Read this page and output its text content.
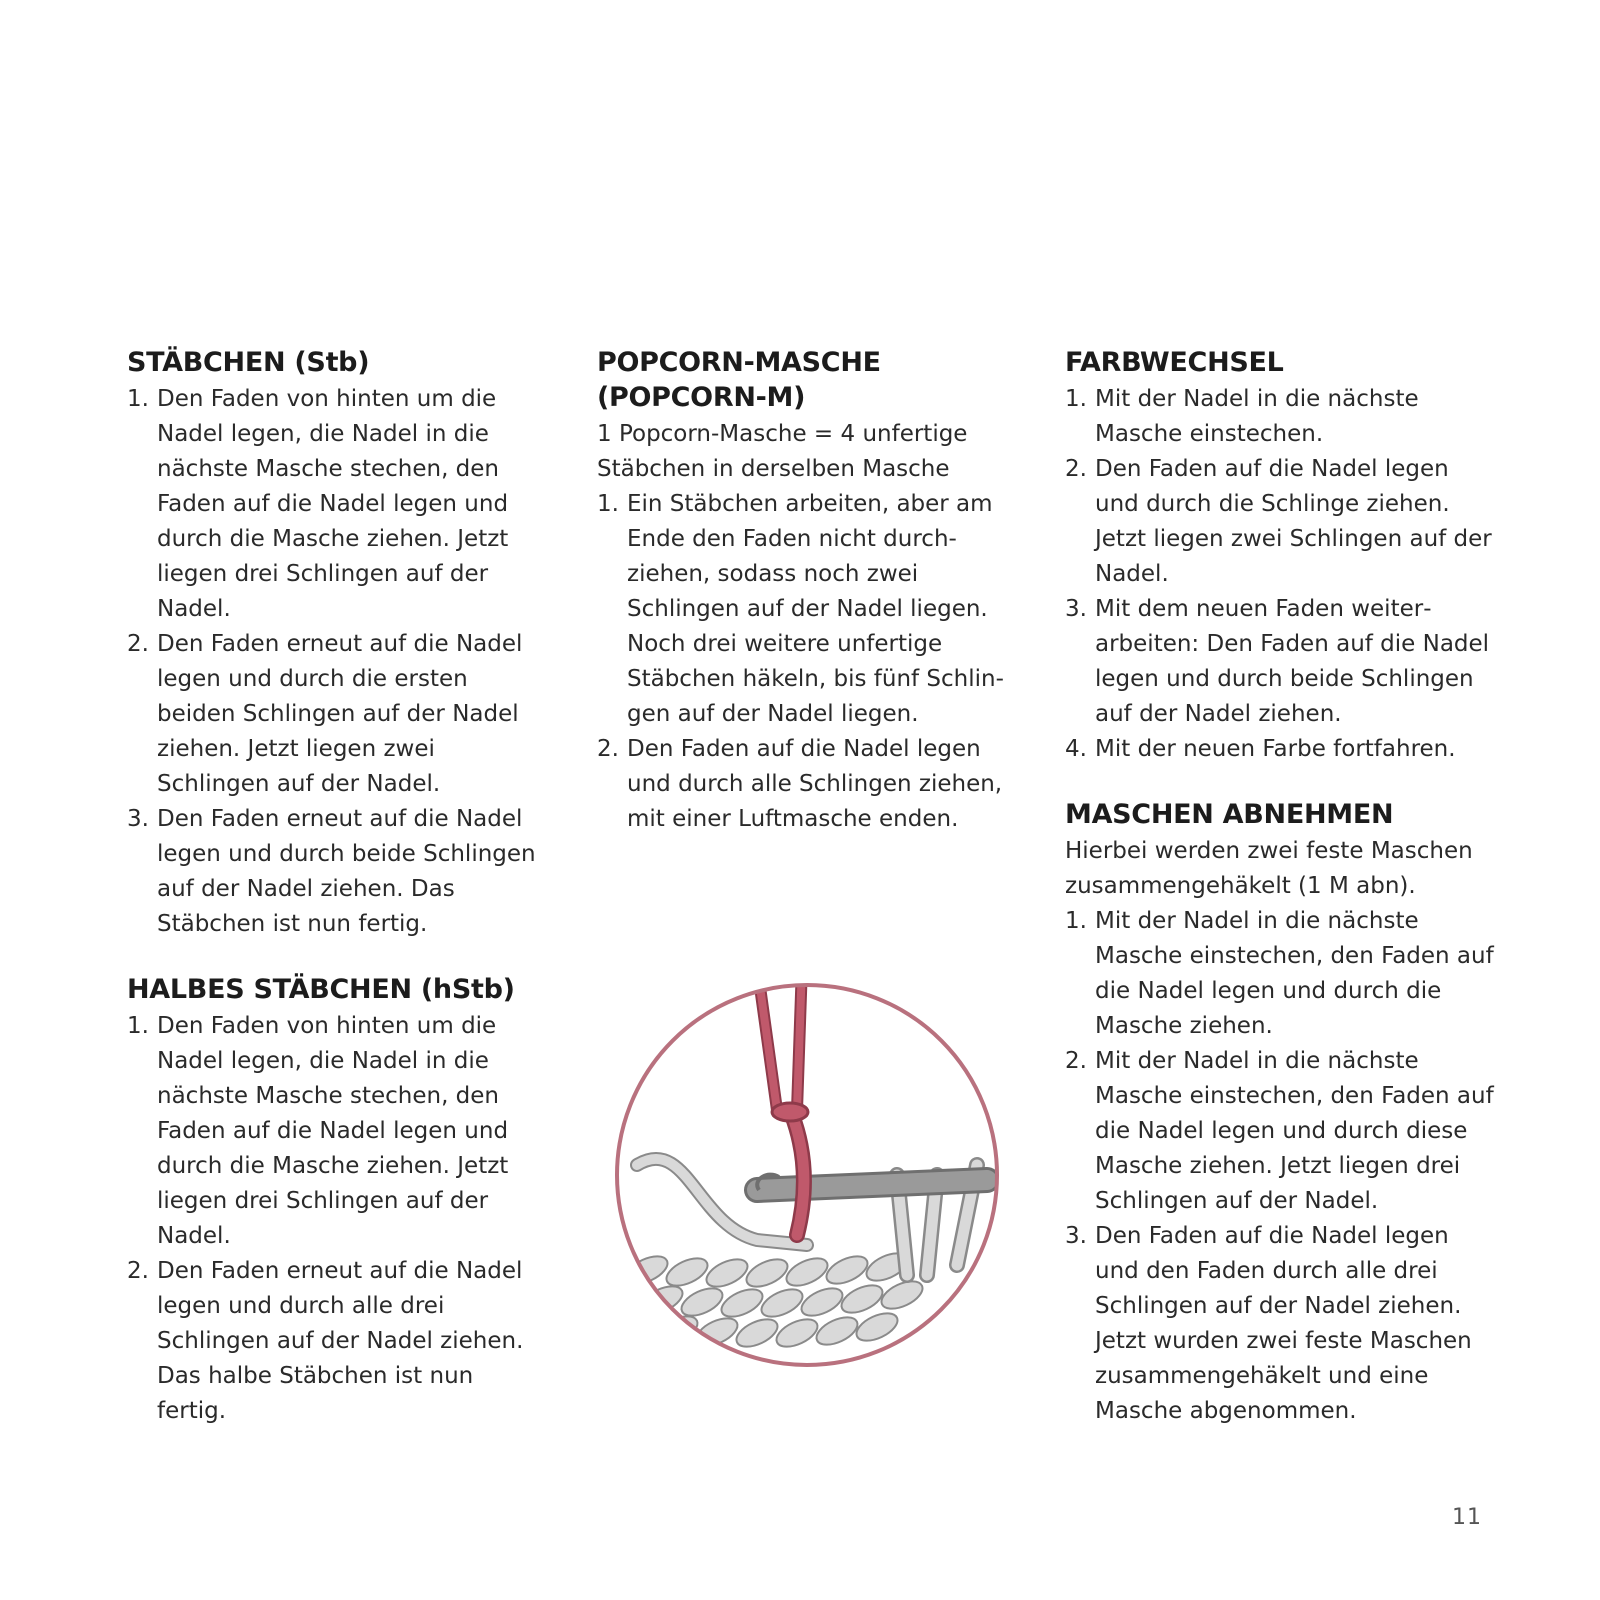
STÄBCHEN (Stb)
1. Den Faden von hinten um die Nadel legen, die Nadel in die nächste Masche stechen, den Faden auf die Nadel legen und durch die Masche ziehen. Jetzt liegen drei Schlingen auf der Nadel.
2. Den Faden erneut auf die Nadel legen und durch die ersten beiden Schlingen auf der Nadel ziehen. Jetzt liegen zwei Schlingen auf der Nadel.
3. Den Faden erneut auf die Nadel legen und durch beide Schlingen auf der Nadel ziehen. Das Stäbchen ist nun fertig.
HALBES STÄBCHEN (hStb)
1. Den Faden von hinten um die Nadel legen, die Nadel in die nächste Masche stechen, den Faden auf die Nadel legen und durch die Masche ziehen. Jetzt liegen drei Schlingen auf der Nadel.
2. Den Faden erneut auf die Nadel legen und durch alle drei Schlingen auf der Nadel ziehen. Das halbe Stäbchen ist nun fertig.
POPCORN-MASCHE (POPCORN-M)

1 Popcorn-Masche = 4 unfertige Stäbchen in derselben Masche

1. Ein Stäbchen arbeiten, aber am Ende den Faden nicht durchziehen, sodass noch zwei Schlingen auf der Nadel liegen. Noch drei weitere unfertige Stäbchen häkeln, bis fünf Schlingen auf der Nadel liegen.
2. Den Faden auf die Nadel legen und durch alle Schlingen ziehen, mit einer Luftmasche enden.
FARBWECHSEL
1. Mit der Nadel in die nächste Masche einstechen.
2. Den Faden auf die Nadel legen und durch die Schlinge ziehen. Jetzt liegen zwei Schlingen auf der Nadel.
3. Mit dem neuen Faden weiterarbeiten: Den Faden auf die Nadel legen und durch beide Schlingen auf der Nadel ziehen.
4. Mit der neuen Farbe fortfahren.
MASCHEN ABNEHMEN

Hierbei werden zwei feste Maschen zusammengehäkelt (1 M abn).

1. Mit der Nadel in die nächste Masche einstechen, den Faden auf die Nadel legen und durch die Masche ziehen.
2. Mit der Nadel in die nächste Masche einstechen, den Faden auf die Nadel legen und durch diese Masche ziehen. Jetzt liegen drei Schlingen auf der Nadel.
3. Den Faden auf die Nadel legen und den Faden durch alle drei Schlingen auf der Nadel ziehen. Jetzt wurden zwei feste Maschen zusammengehäkelt und eine Masche abgenommen.
11
